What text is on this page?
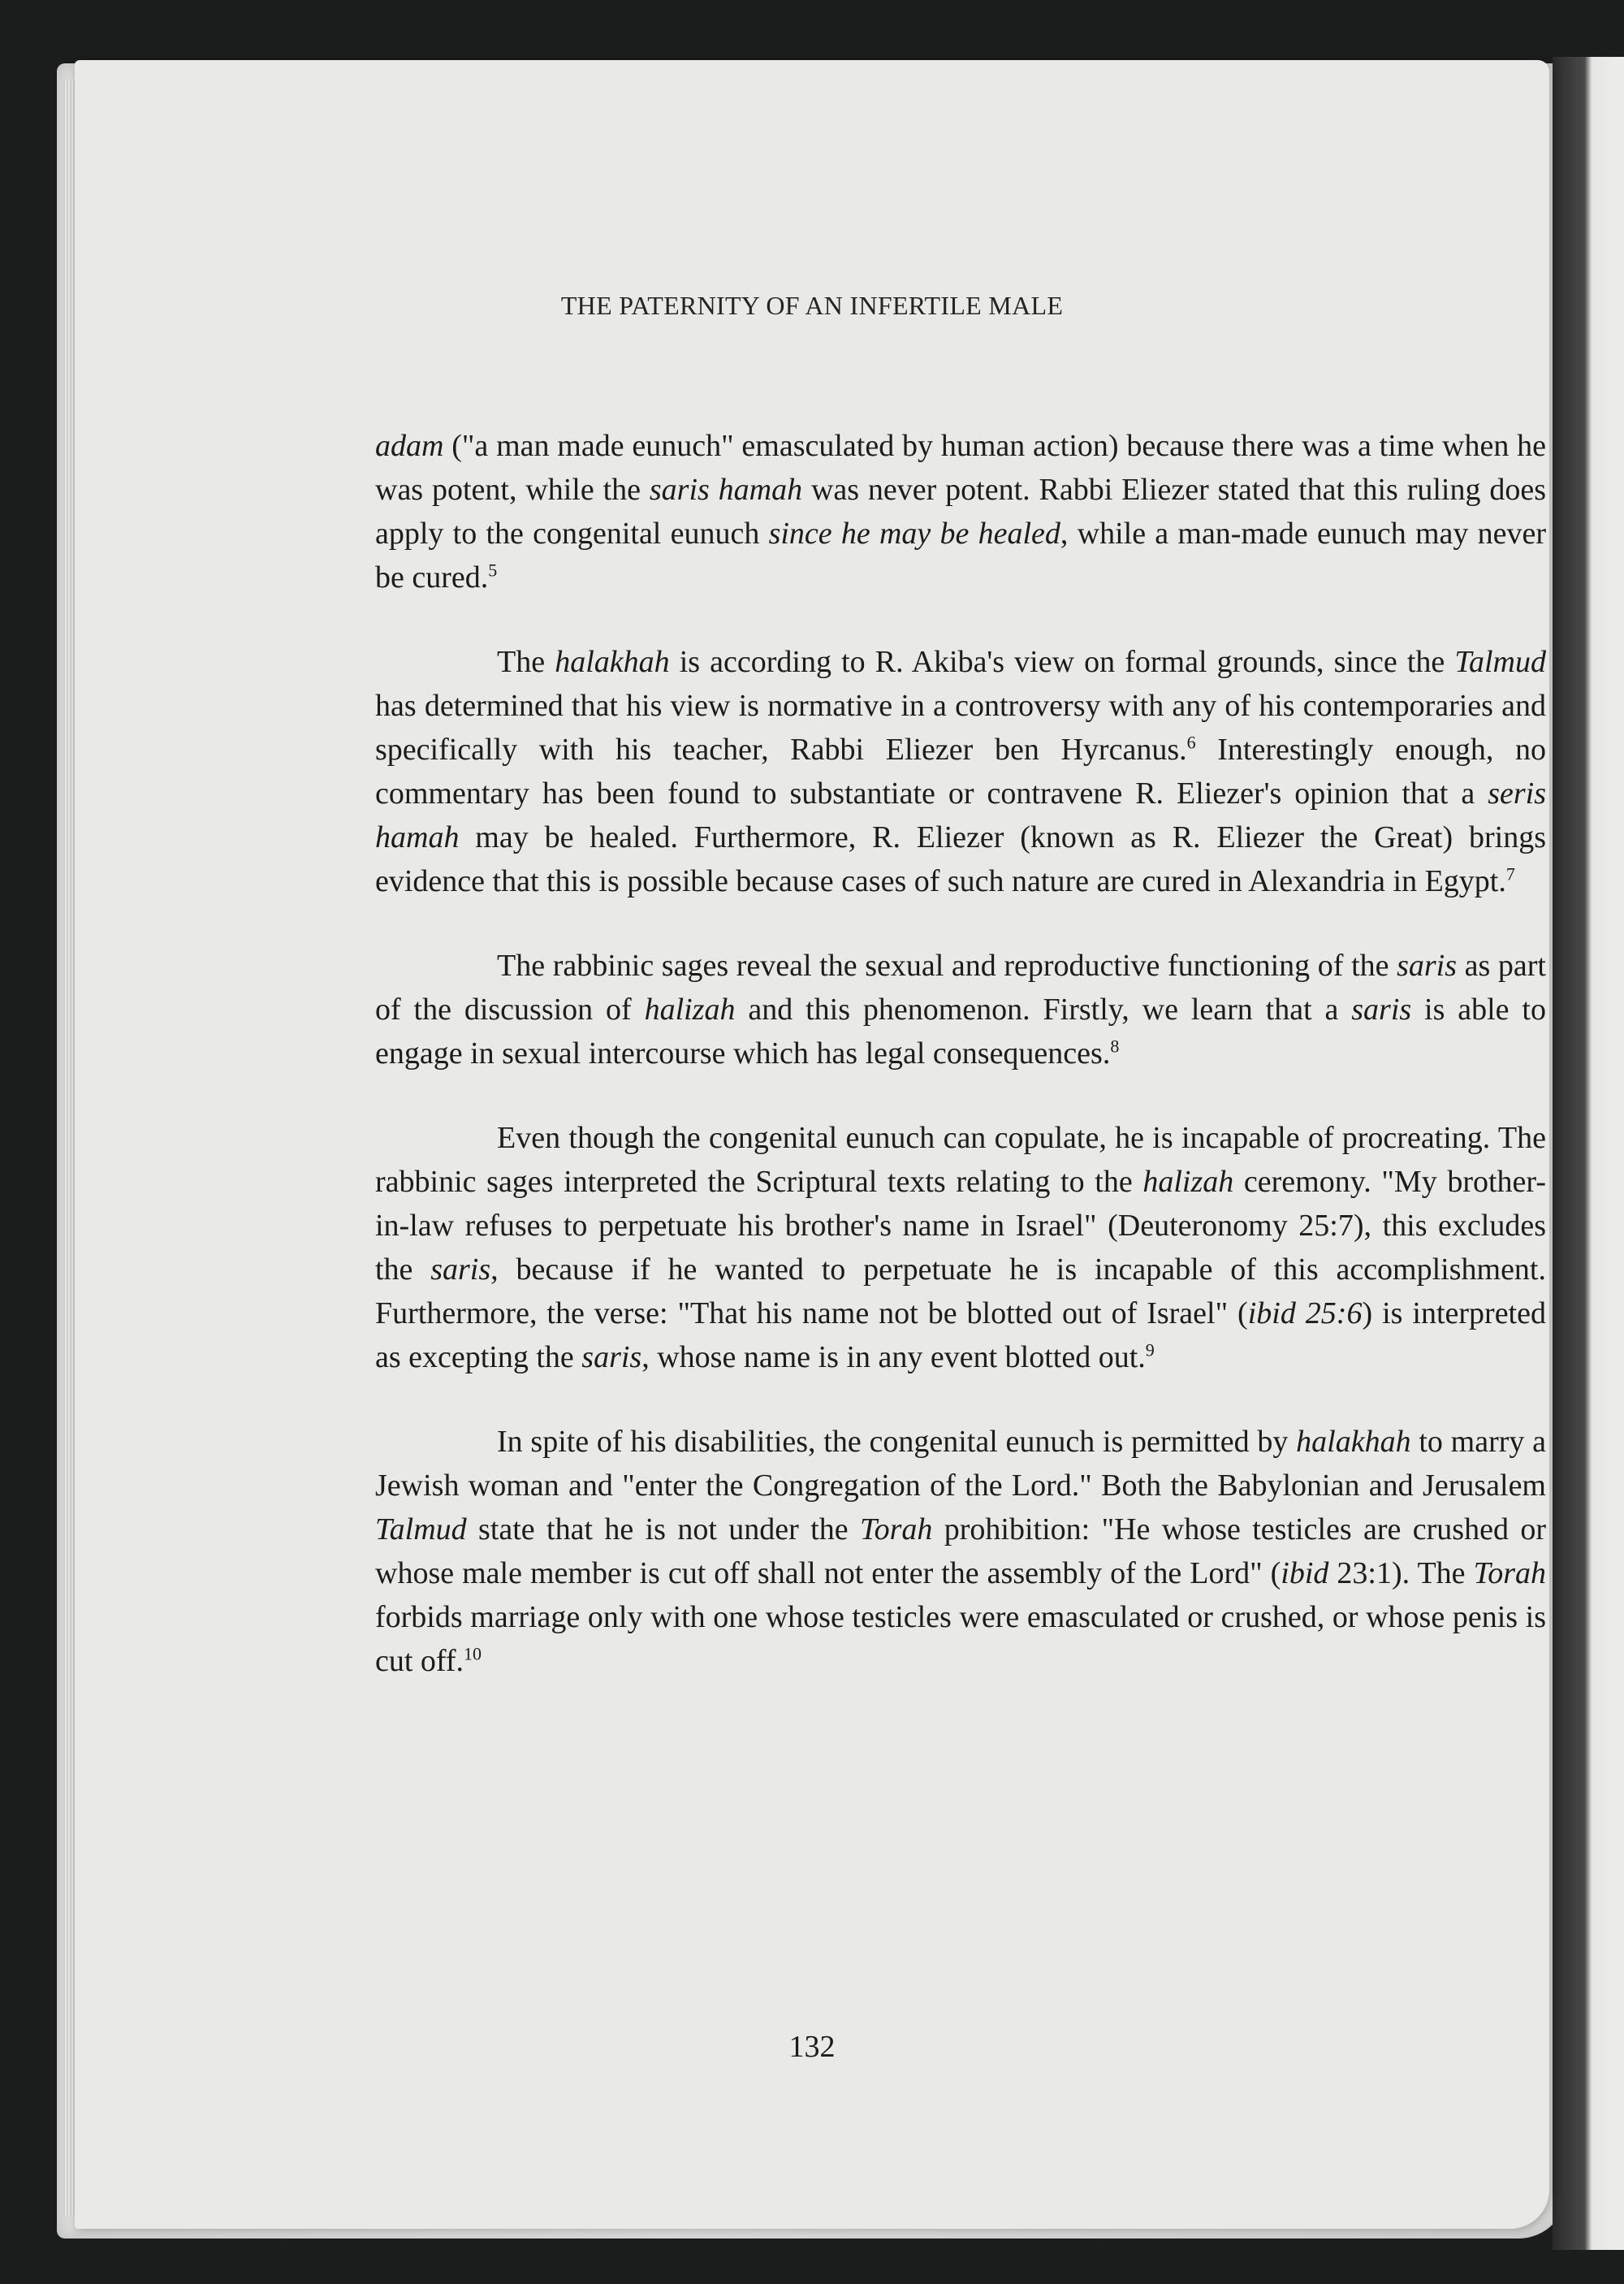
THE PATERNITY OF AN INFERTILE MALE

adam ("a man made eunuch" emasculated by human action) because there was a time when he was potent, while the saris hamah was never potent. Rabbi Eliezer stated that this ruling does apply to the congenital eunuch since he may be healed, while a man-made eunuch may never be cured.$^5$

The halakhah is according to R. Akiba's view on formal grounds, since the Talmud has determined that his view is normative in a controversy with any of his contemporaries and specifically with his teacher, Rabbi Eliezer ben Hyrcanus.$^6$ Interestingly enough, no commentary has been found to substantiate or contravene R. Eliezer's opinion that a seris hamah may be healed. Furthermore, R. Eliezer (known as R. Eliezer the Great) brings evidence that this is possible because cases of such nature are cured in Alexandria in Egypt.$^7$

The rabbinic sages reveal the sexual and reproductive functioning of the saris as part of the discussion of halizah and this phenomenon. Firstly, we learn that a saris is able to engage in sexual intercourse which has legal consequences.$^8$

Even though the congenital eunuch can copulate, he is incapable of procreating. The rabbinic sages interpreted the Scriptural texts relating to the halizah ceremony. "My brother-in-law refuses to perpetuate his brother's name in Israel" (Deuteronomy 25:7), this excludes the saris, because if he wanted to perpetuate he is incapable of this accomplishment. Furthermore, the verse: "That his name not be blotted out of Israel" (ibid 25:6) is interpreted as excepting the saris, whose name is in any event blotted out.$^9$

In spite of his disabilities, the congenital eunuch is permitted by halakhah to marry a Jewish woman and "enter the Congregation of the Lord." Both the Babylonian and Jerusalem Talmud state that he is not under the Torah prohibition: "He whose testicles are crushed or whose male member is cut off shall not enter the assembly of the Lord" (ibid 23:1). The Torah forbids marriage only with one whose testicles were emasculated or crushed, or whose penis is cut off.$^{10}$

132
